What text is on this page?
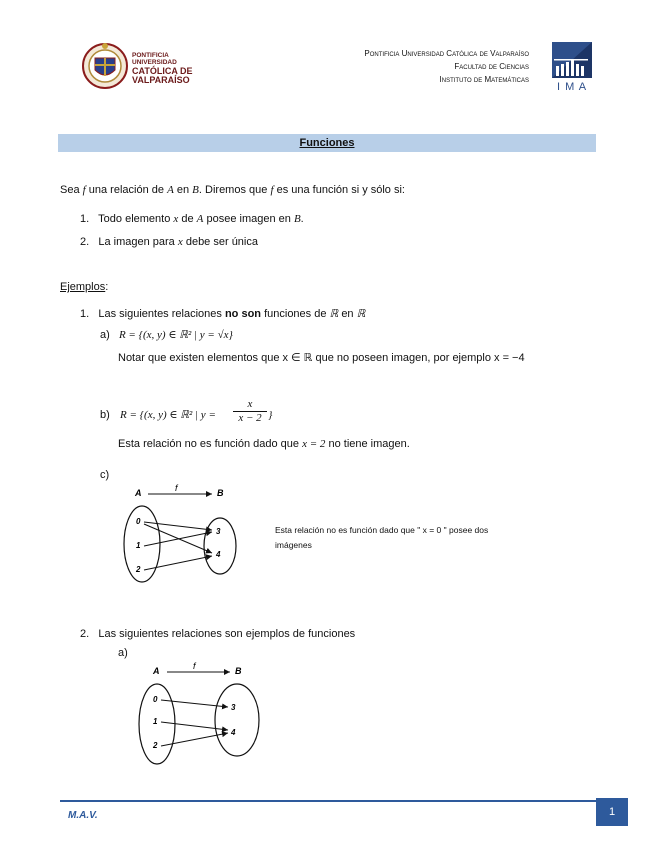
PONTIFICIA
UNIVERSIDAD
CATÓLICA DE
VALPARAÍSO
Pontificia Universidad Católica de Valparaíso
Facultad de Ciencias
Instituto de Matemáticas
I M A
Funciones
Sea f una relación de A en B. Diremos que f es una función si y sólo si:
1. Todo elemento x de A posee imagen en B.
2. La imagen para x debe ser única
Ejemplos:
1. Las siguientes relaciones no son funciones de ℝ en ℝ
a) R = {(x, y) ∈ ℝ² | y = √x}
Notar que existen elementos que x ∈ ℝ que no poseen imagen, por ejemplo x = −4
b) R = {(x, y) ∈ ℝ² | y =
x
x − 2 }
Esta relación no es función dado que x = 2 no tiene imagen.
c)
A	B
f
0
1
2
3
4
Esta relación no es función dado que " x = 0 " posee dos
imágenes
2. Las siguientes relaciones son ejemplos de funciones
a)
A	B
f
0
1
2
3
4
M.A.V.	1
